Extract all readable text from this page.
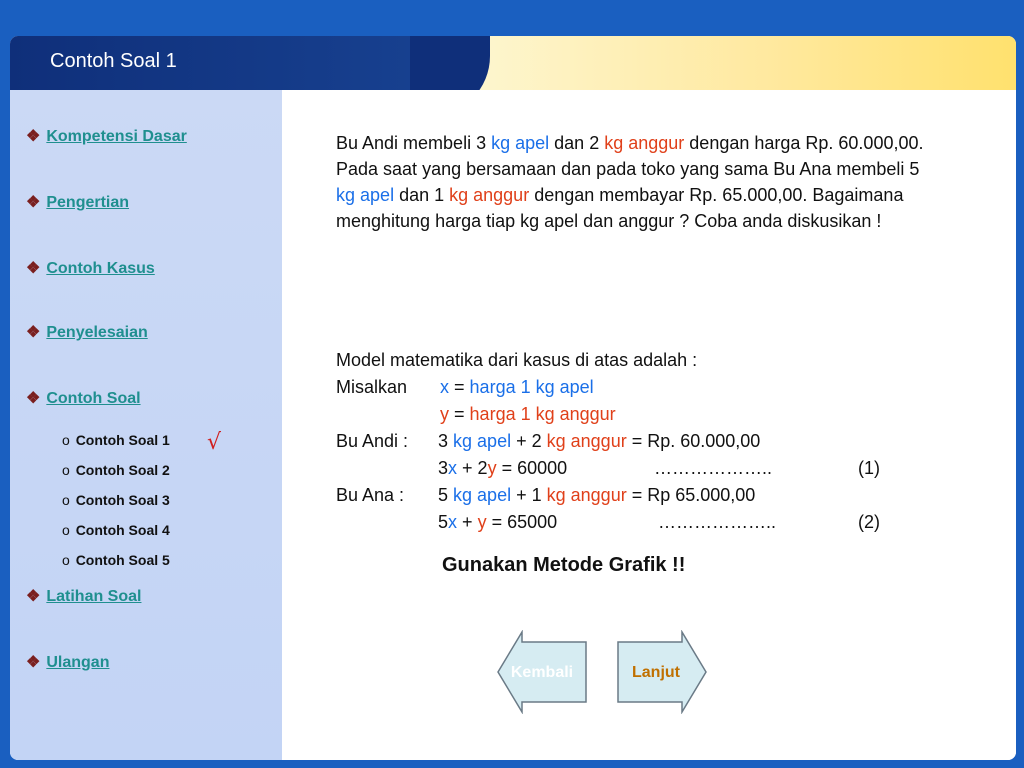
Contoh Soal 1
❖ Kompetensi Dasar
❖ Pengertian
❖ Contoh Kasus
❖ Penyelesaian
❖ Contoh Soal
o Contoh Soal 1
o Contoh Soal 2
o Contoh Soal 3
o Contoh Soal 4
o Contoh Soal 5
❖ Latihan Soal
❖ Ulangan
√
Bu Andi membeli 3 kg apel dan 2 kg anggur dengan harga Rp. 60.000,00. Pada saat yang bersamaan dan pada toko yang sama Bu Ana membeli 5 kg apel dan 1 kg anggur dengan membayar Rp. 65.000,00. Bagaimana menghitung harga tiap kg apel dan anggur ? Coba anda diskusikan !
Model matematika dari kasus di atas adalah :
Misalkan x = harga 1 kg apel
y = harga 1 kg anggur
Bu Andi : 3 kg apel + 2 kg anggur = Rp. 60.000,00
3x + 2y = 60000	………………..	(1)
Bu Ana : 5 kg apel + 1 kg anggur = Rp 65.000,00
5x + y = 65000	………………..	(2)
Gunakan Metode Grafik !!
Kembali	Lanjut
